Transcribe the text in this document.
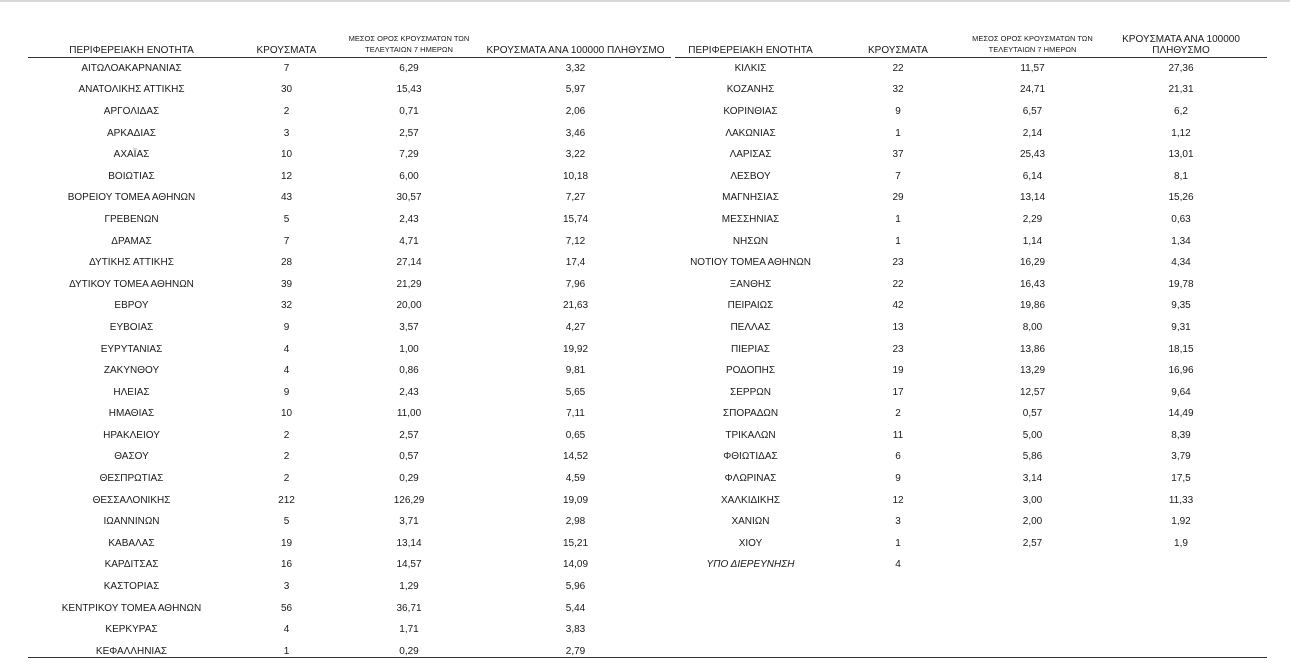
ΠΕΡΙΦΕΡΕΙΑΚΗ ΕΝΟΤΗΤΑ	ΚΡΟΥΣΜΑΤΑ	ΜΕΣΟΣ ΟΡΟΣ ΚΡΟΥΣΜΑΤΩΝ ΤΩΝ
ΤΕΛΕΥΤΑΙΩΝ 7 ΗΜΕΡΩΝ	ΚΡΟΥΣΜΑΤΑ ΑΝΑ 100000 ΠΛΗΘΥΣΜΟ
ΑΙΤΩΛΟΑΚΑΡΝΑΝΙΑΣ	7	6,29	3,32
ΑΝΑΤΟΛΙΚΗΣ ΑΤΤΙΚΗΣ	30	15,43	5,97
ΑΡΓΟΛΙΔΑΣ	2	0,71	2,06
ΑΡΚΑΔΙΑΣ	3	2,57	3,46
ΑΧΑΪΑΣ	10	7,29	3,22
ΒΟΙΩΤΙΑΣ	12	6,00	10,18
ΒΟΡΕΙΟΥ ΤΟΜΕΑ ΑΘΗΝΩΝ	43	30,57	7,27
ΓΡΕΒΕΝΩΝ	5	2,43	15,74
ΔΡΑΜΑΣ	7	4,71	7,12
ΔΥΤΙΚΗΣ ΑΤΤΙΚΗΣ	28	27,14	17,4
ΔΥΤΙΚΟΥ ΤΟΜΕΑ ΑΘΗΝΩΝ	39	21,29	7,96
ΕΒΡΟΥ	32	20,00	21,63
ΕΥΒΟΙΑΣ	9	3,57	4,27
ΕΥΡΥΤΑΝΙΑΣ	4	1,00	19,92
ΖΑΚΥΝΘΟΥ	4	0,86	9,81
ΗΛΕΙΑΣ	9	2,43	5,65
ΗΜΑΘΙΑΣ	10	11,00	7,11
ΗΡΑΚΛΕΙΟΥ	2	2,57	0,65
ΘΑΣΟΥ	2	0,57	14,52
ΘΕΣΠΡΩΤΙΑΣ	2	0,29	4,59
ΘΕΣΣΑΛΟΝΙΚΗΣ	212	126,29	19,09
ΙΩΑΝΝΙΝΩΝ	5	3,71	2,98
ΚΑΒΑΛΑΣ	19	13,14	15,21
ΚΑΡΔΙΤΣΑΣ	16	14,57	14,09
ΚΑΣΤΟΡΙΑΣ	3	1,29	5,96
ΚΕΝΤΡΙΚΟΥ ΤΟΜΕΑ ΑΘΗΝΩΝ	56	36,71	5,44
ΚΕΡΚΥΡΑΣ	4	1,71	3,83
ΚΕΦΑΛΛΗΝΙΑΣ	1	0,29	2,79
ΠΕΡΙΦΕΡΕΙΑΚΗ ΕΝΟΤΗΤΑ	ΚΡΟΥΣΜΑΤΑ	ΜΕΣΟΣ ΟΡΟΣ ΚΡΟΥΣΜΑΤΩΝ ΤΩΝ
ΤΕΛΕΥΤΑΙΩΝ 7 ΗΜΕΡΩΝ	ΚΡΟΥΣΜΑΤΑ ΑΝΑ 100000 ΠΛΗΘΥΣΜΟ
ΚΙΛΚΙΣ	22	11,57	27,36
ΚΟΖΑΝΗΣ	32	24,71	21,31
ΚΟΡΙΝΘΙΑΣ	9	6,57	6,2
ΛΑΚΩΝΙΑΣ	1	2,14	1,12
ΛΑΡΙΣΑΣ	37	25,43	13,01
ΛΕΣΒΟΥ	7	6,14	8,1
ΜΑΓΝΗΣΙΑΣ	29	13,14	15,26
ΜΕΣΣΗΝΙΑΣ	1	2,29	0,63
ΝΗΣΩΝ	1	1,14	1,34
ΝΟΤΙΟΥ ΤΟΜΕΑ ΑΘΗΝΩΝ	23	16,29	4,34
ΞΑΝΘΗΣ	22	16,43	19,78
ΠΕΙΡΑΙΩΣ	42	19,86	9,35
ΠΕΛΛΑΣ	13	8,00	9,31
ΠΙΕΡΙΑΣ	23	13,86	18,15
ΡΟΔΟΠΗΣ	19	13,29	16,96
ΣΕΡΡΩΝ	17	12,57	9,64
ΣΠΟΡΑΔΩΝ	2	0,57	14,49
ΤΡΙΚΑΛΩΝ	11	5,00	8,39
ΦΘΙΩΤΙΔΑΣ	6	5,86	3,79
ΦΛΩΡΙΝΑΣ	9	3,14	17,5
ΧΑΛΚΙΔΙΚΗΣ	12	3,00	11,33
ΧΑΝΙΩΝ	3	2,00	1,92
ΧΙΟΥ	1	2,57	1,9
ΥΠΟ ΔΙΕΡΕΥΝΗΣΗ	4		
